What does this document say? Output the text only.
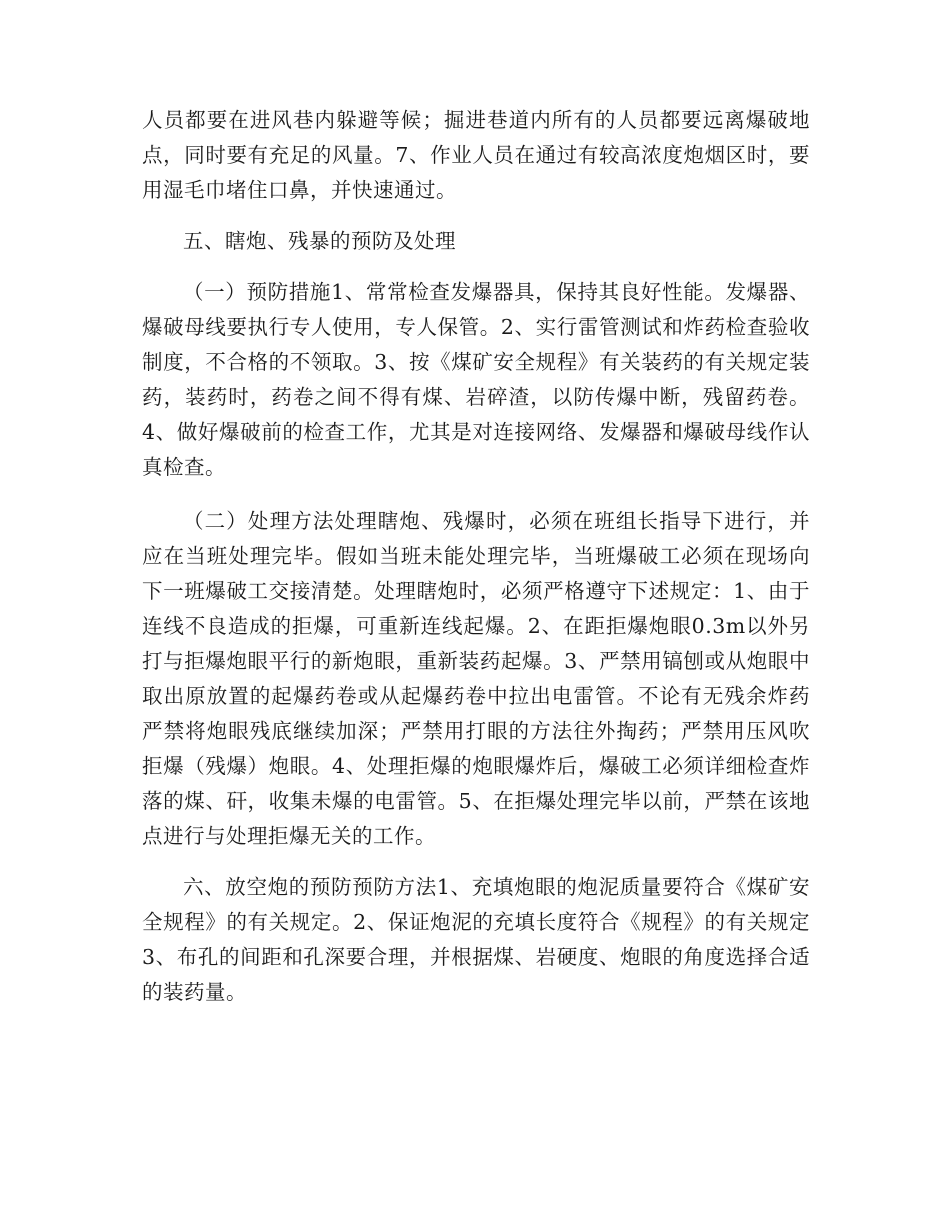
人员都要在进风巷内躲避等候；掘进巷道内所有的人员都要远离爆破地点，同时要有充足的风量。7、作业人员在通过有较高浓度炮烟区时，要用湿毛巾堵住口鼻，并快速通过。

五、瞎炮、残暴的预防及处理

（一）预防措施1、常常检查发爆器具，保持其良好性能。发爆器、爆破母线要执行专人使用，专人保管。2、实行雷管测试和炸药检查验收制度，不合格的不领取。3、按《煤矿安全规程》有关装药的有关规定装药，装药时，药卷之间不得有煤、岩碎渣，以防传爆中断，残留药卷。4、做好爆破前的检查工作，尤其是对连接网络、发爆器和爆破母线作认真检查。

（二）处理方法处理瞎炮、残爆时，必须在班组长指导下进行，并应在当班处理完毕。假如当班未能处理完毕，当班爆破工必须在现场向下一班爆破工交接清楚。处理瞎炮时，必须严格遵守下述规定：1、由于连线不良造成的拒爆，可重新连线起爆。2、在距拒爆炮眼0.3m以外另打与拒爆炮眼平行的新炮眼，重新装药起爆。3、严禁用镐刨或从炮眼中取出原放置的起爆药卷或从起爆药卷中拉出电雷管。不论有无残余炸药严禁将炮眼残底继续加深；严禁用打眼的方法往外掏药；严禁用压风吹拒爆（残爆）炮眼。4、处理拒爆的炮眼爆炸后，爆破工必须详细检查炸落的煤、矸，收集未爆的电雷管。5、在拒爆处理完毕以前，严禁在该地点进行与处理拒爆无关的工作。

六、放空炮的预防预防方法1、充填炮眼的炮泥质量要符合《煤矿安全规程》的有关规定。2、保证炮泥的充填长度符合《规程》的有关规定3、布孔的间距和孔深要合理，并根据煤、岩硬度、炮眼的角度选择合适的装药量。
